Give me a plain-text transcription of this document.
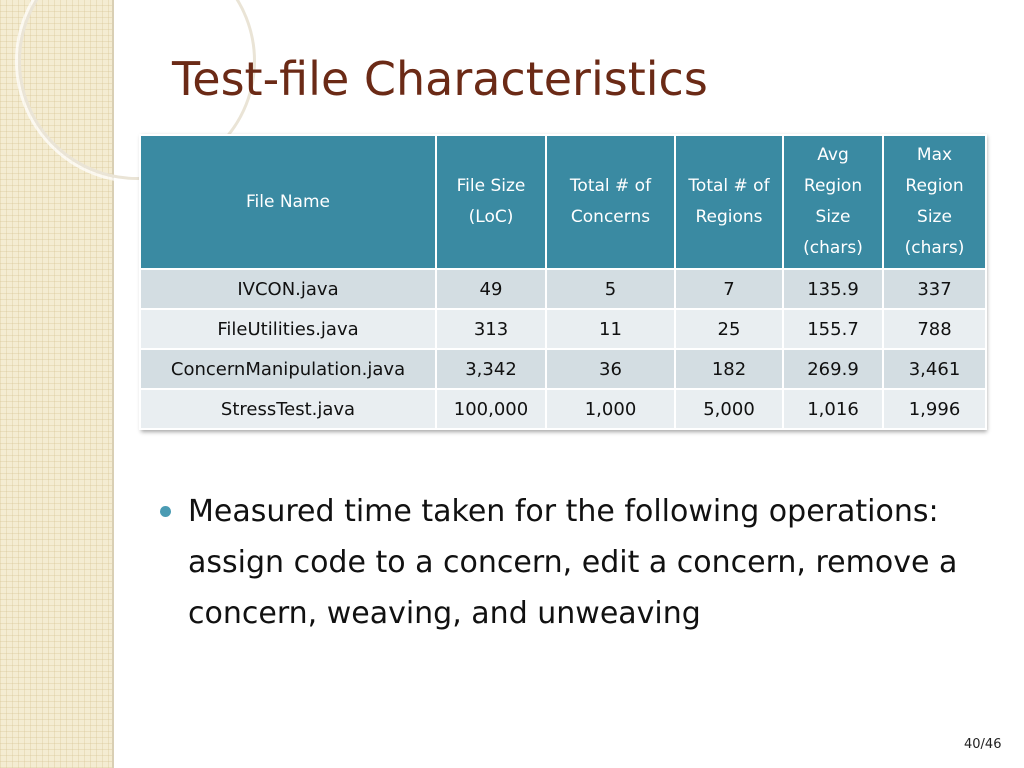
Test-file Characteristics
File Name	File Size (LoC)	Total # of Concerns	Total # of Regions	Avg Region Size (chars)	Max Region Size (chars)
IVCON.java	49	5	7	135.9	337
FileUtilities.java	313	11	25	155.7	788
ConcernManipulation.java	3,342	36	182	269.9	3,461
StressTest.java	100,000	1,000	5,000	1,016	1,996
Measured time taken for the following operations: assign code to a concern, edit a concern, remove a concern, weaving, and unweaving
40/46
